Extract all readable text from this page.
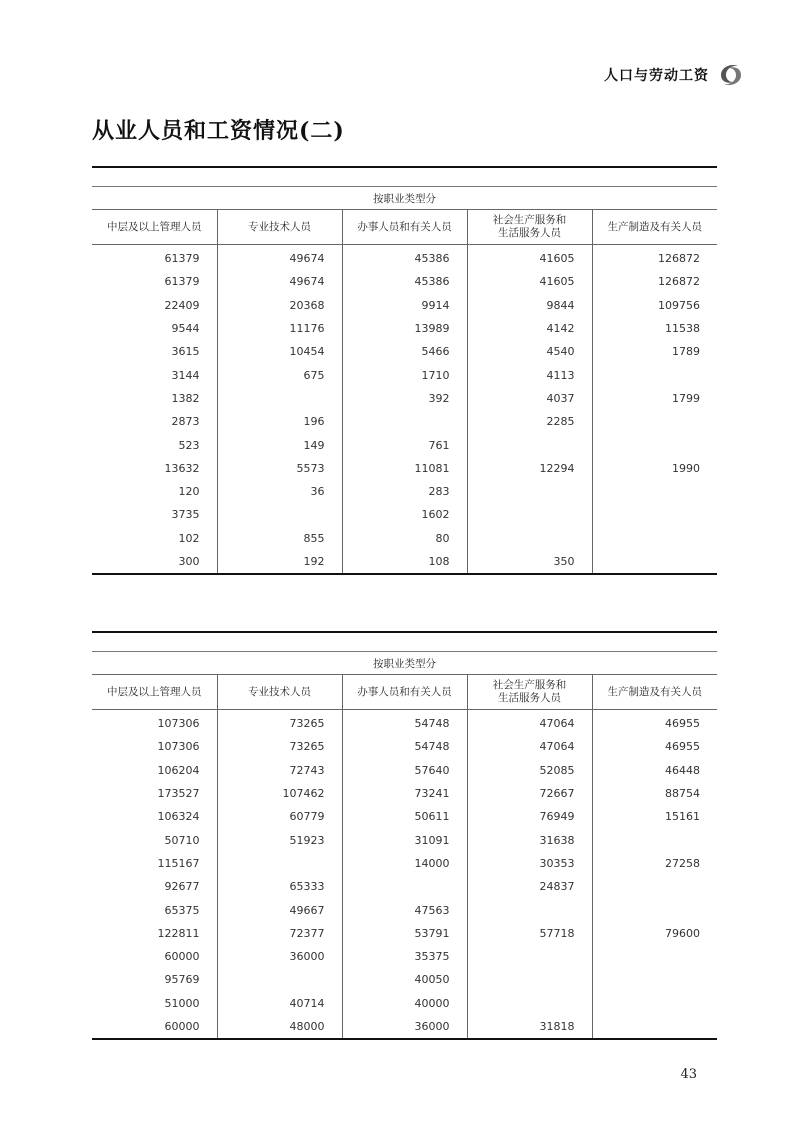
人口与劳动工资
从业人员和工资情况(二)

按职业类型分				
中层及以上管理人员	专业技术人员	办事人员和有关人员	社会生产服务和
生活服务人员	生产制造及有关人员
61379	49674	45386	41605	126872
61379	49674	45386	41605	126872
22409	20368	9914	9844	109756
9544	11176	13989	4142	11538
3615	10454	5466	4540	1789
3144	675	1710	4113	
1382		392	4037	1799
2873	196		2285	
523	149	761		
13632	5573	11081	12294	1990
120	36	283		
3735		1602		
102	855	80		
300	192	108	350	

按职业类型分				
中层及以上管理人员	专业技术人员	办事人员和有关人员	社会生产服务和
生活服务人员	生产制造及有关人员
107306	73265	54748	47064	46955
107306	73265	54748	47064	46955
106204	72743	57640	52085	46448
173527	107462	73241	72667	88754
106324	60779	50611	76949	15161
50710	51923	31091	31638	
115167		14000	30353	27258
92677	65333		24837	
65375	49667	47563		
122811	72377	53791	57718	79600
60000	36000	35375		
95769		40050		
51000	40714	40000		
60000	48000	36000	31818	
43
